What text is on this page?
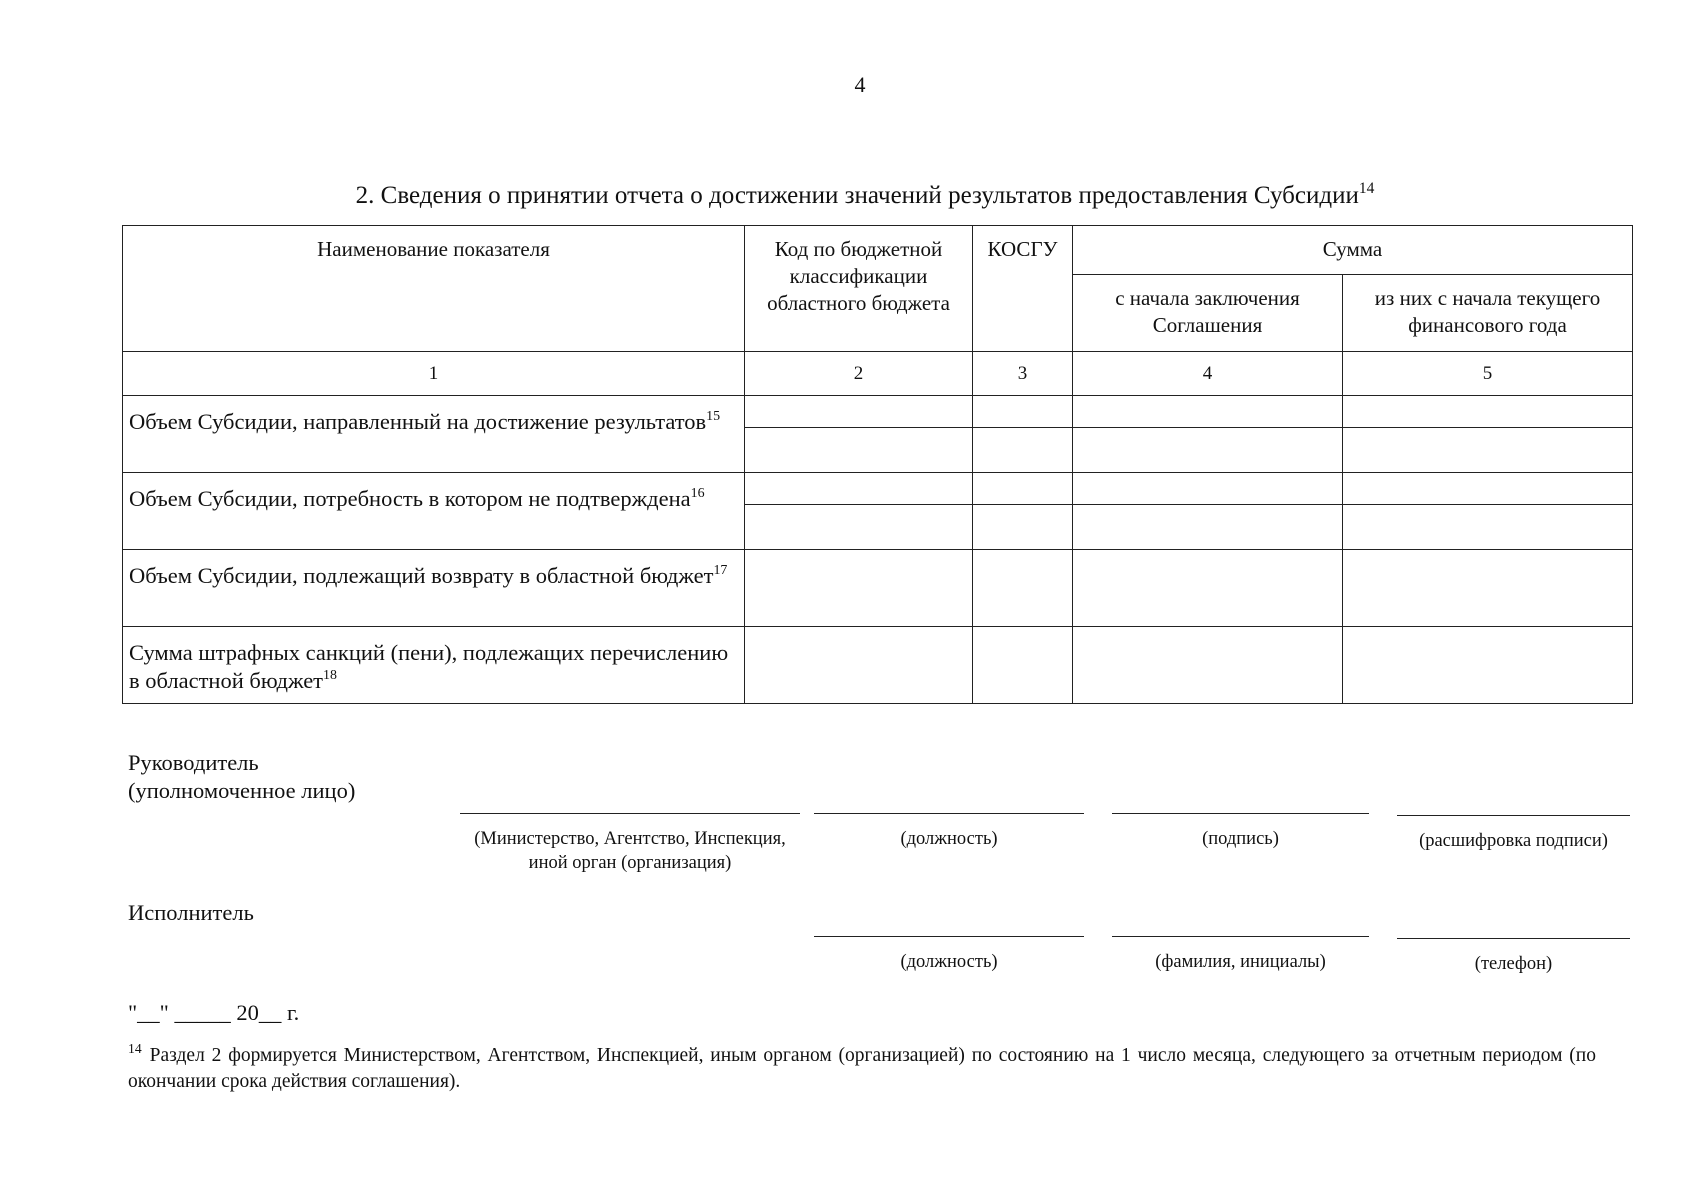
4
2. Сведения о принятии отчета о достижении значений результатов предоставления Субсидии$^{14}$
Наименование показателя	Код по бюджетной классификации областного бюджета	КОСГУ	Сумма	
			с начала заключения Соглашения	из них с начала текущего финансового года
1	2	3	4	5
Объем Субсидии, направленный на достижение результатов$^{15}$				

Объем Субсидии, потребность в котором не подтверждена$^{16}$				

Объем Субсидии, подлежащий возврату в областной бюджет$^{17}$				
Сумма штрафных санкций (пени), подлежащих перечислению в областной бюджет$^{18}$				
Руководитель
(уполномоченное лицо)
(Министерство, Агентство, Инспекция, иной орган (организация)
(должность)	(подпись)	(расшифровка подписи)
Исполнитель
(должность)	(фамилия, инициалы)	(телефон)
"__" _____ 20__ г.
$^{14}$ Раздел 2 формируется Министерством, Агентством, Инспекцией, иным органом (организацией) по состоянию на 1 число месяца, следующего за отчетным периодом (по окончании срока действия соглашения).
